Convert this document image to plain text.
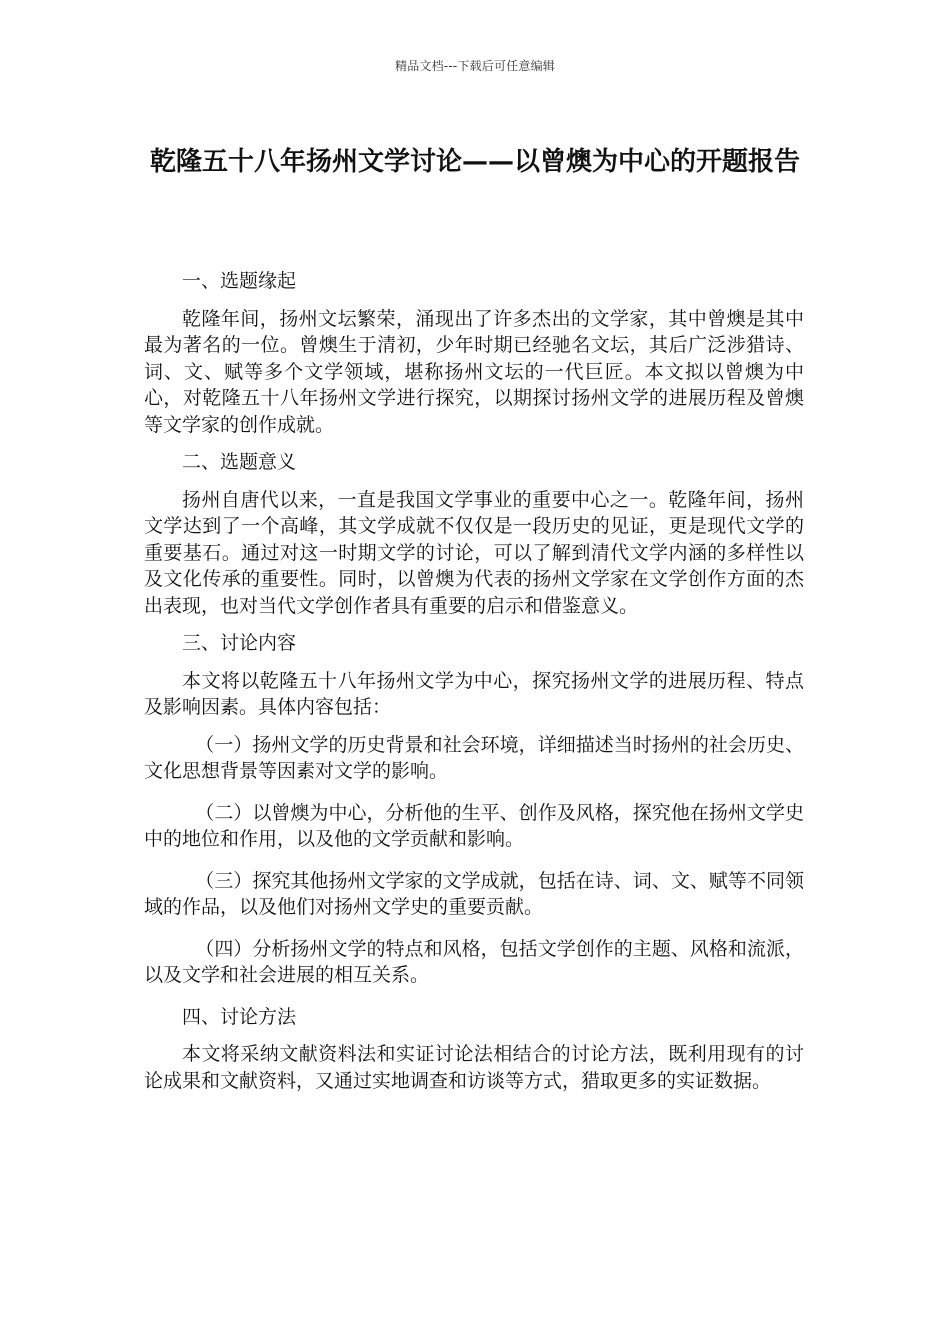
精品文档---下载后可任意编辑
乾隆五十八年扬州文学讨论——以曾燠为中心的开题报告

一、选题缘起

乾隆年间，扬州文坛繁荣，涌现出了许多杰出的文学家，其中曾燠是其中最为著名的一位。曾燠生于清初，少年时期已经驰名文坛，其后广泛涉猎诗、词、文、赋等多个文学领域，堪称扬州文坛的一代巨匠。本文拟以曾燠为中心，对乾隆五十八年扬州文学进行探究，以期探讨扬州文学的进展历程及曾燠等文学家的创作成就。

二、选题意义

扬州自唐代以来，一直是我国文学事业的重要中心之一。乾隆年间，扬州文学达到了一个高峰，其文学成就不仅仅是一段历史的见证，更是现代文学的重要基石。通过对这一时期文学的讨论，可以了解到清代文学内涵的多样性以及文化传承的重要性。同时，以曾燠为代表的扬州文学家在文学创作方面的杰出表现，也对当代文学创作者具有重要的启示和借鉴意义。

三、讨论内容

本文将以乾隆五十八年扬州文学为中心，探究扬州文学的进展历程、特点及影响因素。具体内容包括：

（一）扬州文学的历史背景和社会环境，详细描述当时扬州的社会历史、文化思想背景等因素对文学的影响。

（二）以曾燠为中心，分析他的生平、创作及风格，探究他在扬州文学史中的地位和作用，以及他的文学贡献和影响。

（三）探究其他扬州文学家的文学成就，包括在诗、词、文、赋等不同领域的作品，以及他们对扬州文学史的重要贡献。

（四）分析扬州文学的特点和风格，包括文学创作的主题、风格和流派，以及文学和社会进展的相互关系。

四、讨论方法

本文将采纳文献资料法和实证讨论法相结合的讨论方法，既利用现有的讨论成果和文献资料，又通过实地调查和访谈等方式，猎取更多的实证数据。
